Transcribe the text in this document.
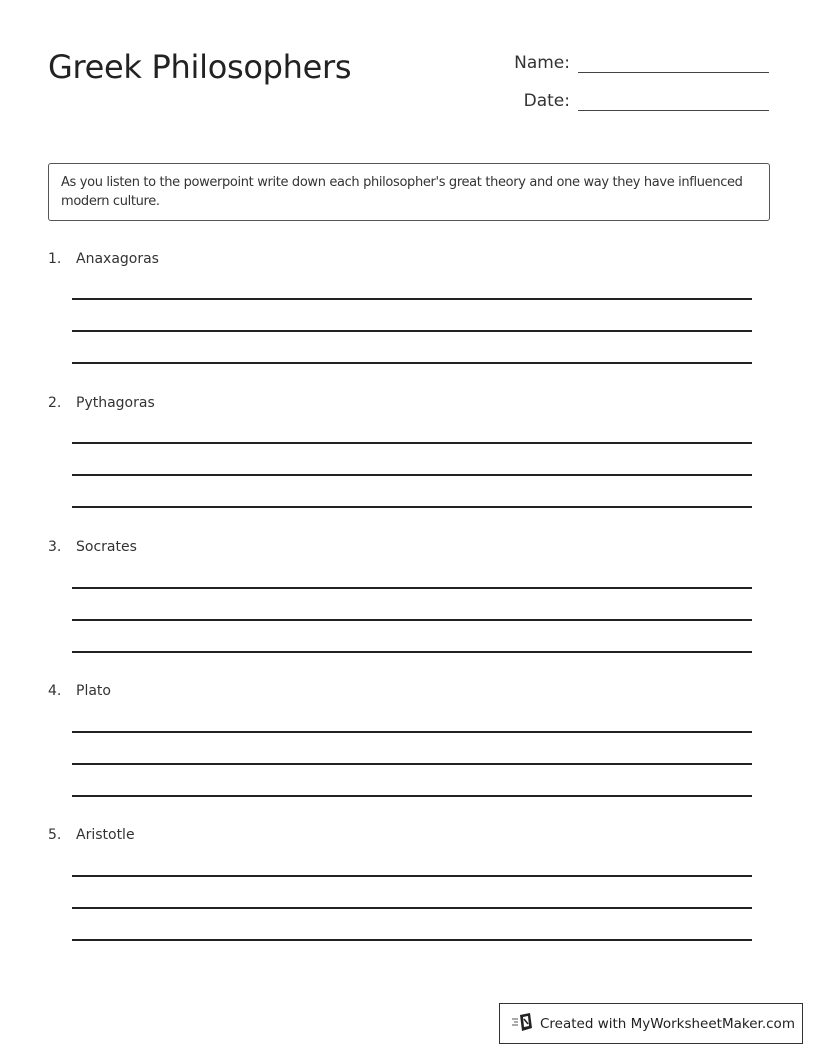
Greek Philosophers	Name:
Date:
As you listen to the powerpoint write down each philosopher's great theory and one way they have influenced modern culture.
1.	Anaxagoras
2.	Pythagoras
3.	Socrates
4.	Plato
5.	Aristotle
Created with MyWorksheetMaker.com
